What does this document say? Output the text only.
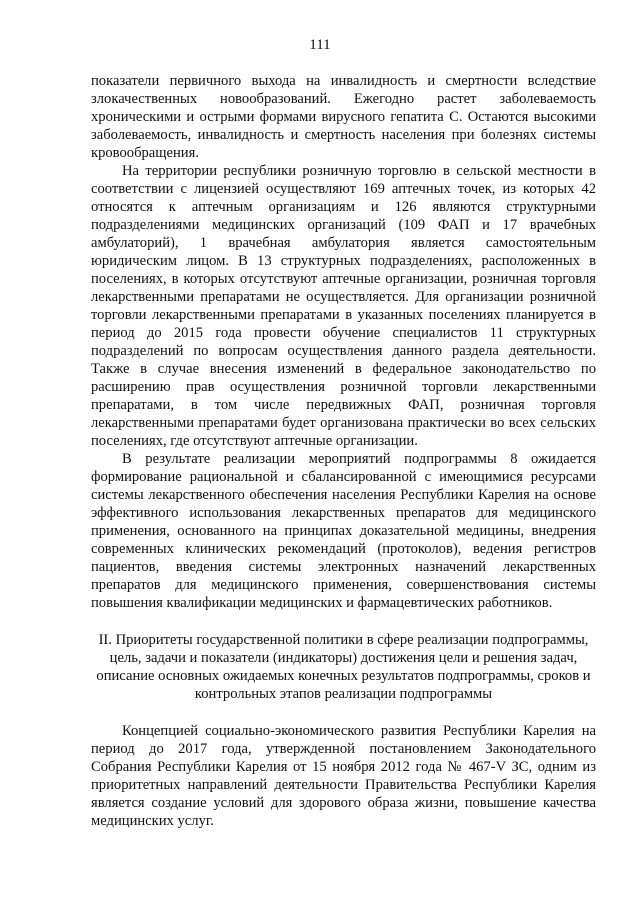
111

показатели первичного выхода на инвалидность и смертности вследствие злокачественных новообразований. Ежегодно растет заболеваемость хроническими и острыми формами вирусного гепатита С. Остаются высокими заболеваемость, инвалидность и смертность населения при болезнях системы кровообращения.

На территории республики розничную торговлю в сельской местности в соответствии с лицензией осуществляют 169 аптечных точек, из которых 42 относятся к аптечным организациям и 126 являются структурными подразделениями медицинских организаций (109 ФАП и 17 врачебных амбулаторий), 1 врачебная амбулатория является самостоятельным юридическим лицом. В 13 структурных подразделениях, расположенных в поселениях, в которых отсутствуют аптечные организации, розничная торговля лекарственными препаратами не осуществляется. Для организации розничной торговли лекарственными препаратами в указанных поселениях планируется в период до 2015 года провести обучение специалистов 11 структурных подразделений по вопросам осуществления данного раздела деятельности. Также в случае внесения изменений в федеральное законодательство по расширению прав осуществления розничной торговли лекарственными препаратами, в том числе передвижных ФАП, розничная торговля лекарственными препаратами будет организована практически во всех сельских поселениях, где отсутствуют аптечные организации.

В результате реализации мероприятий подпрограммы 8 ожидается формирование рациональной и сбалансированной с имеющимися ресурсами системы лекарственного обеспечения населения Республики Карелия на основе эффективного использования лекарственных препаратов для медицинского применения, основанного на принципах доказательной медицины, внедрения современных клинических рекомендаций (протоколов), ведения регистров пациентов, введения системы электронных назначений лекарственных препаратов для медицинского применения, совершенствования системы повышения квалификации медицинских и фармацевтических работников.

II. Приоритеты государственной политики в сфере реализации подпрограммы, цель, задачи и показатели (индикаторы) достижения цели и решения задач, описание основных ожидаемых конечных результатов подпрограммы, сроков и контрольных этапов реализации подпрограммы

Концепцией социально-экономического развития Республики Карелия на период до 2017 года, утвержденной постановлением Законодательного Собрания Республики Карелия от 15 ноября 2012 года № 467-V ЗС, одним из приоритетных направлений деятельности Правительства Республики Карелия является создание условий для здорового образа жизни, повышение качества медицинских услуг.
